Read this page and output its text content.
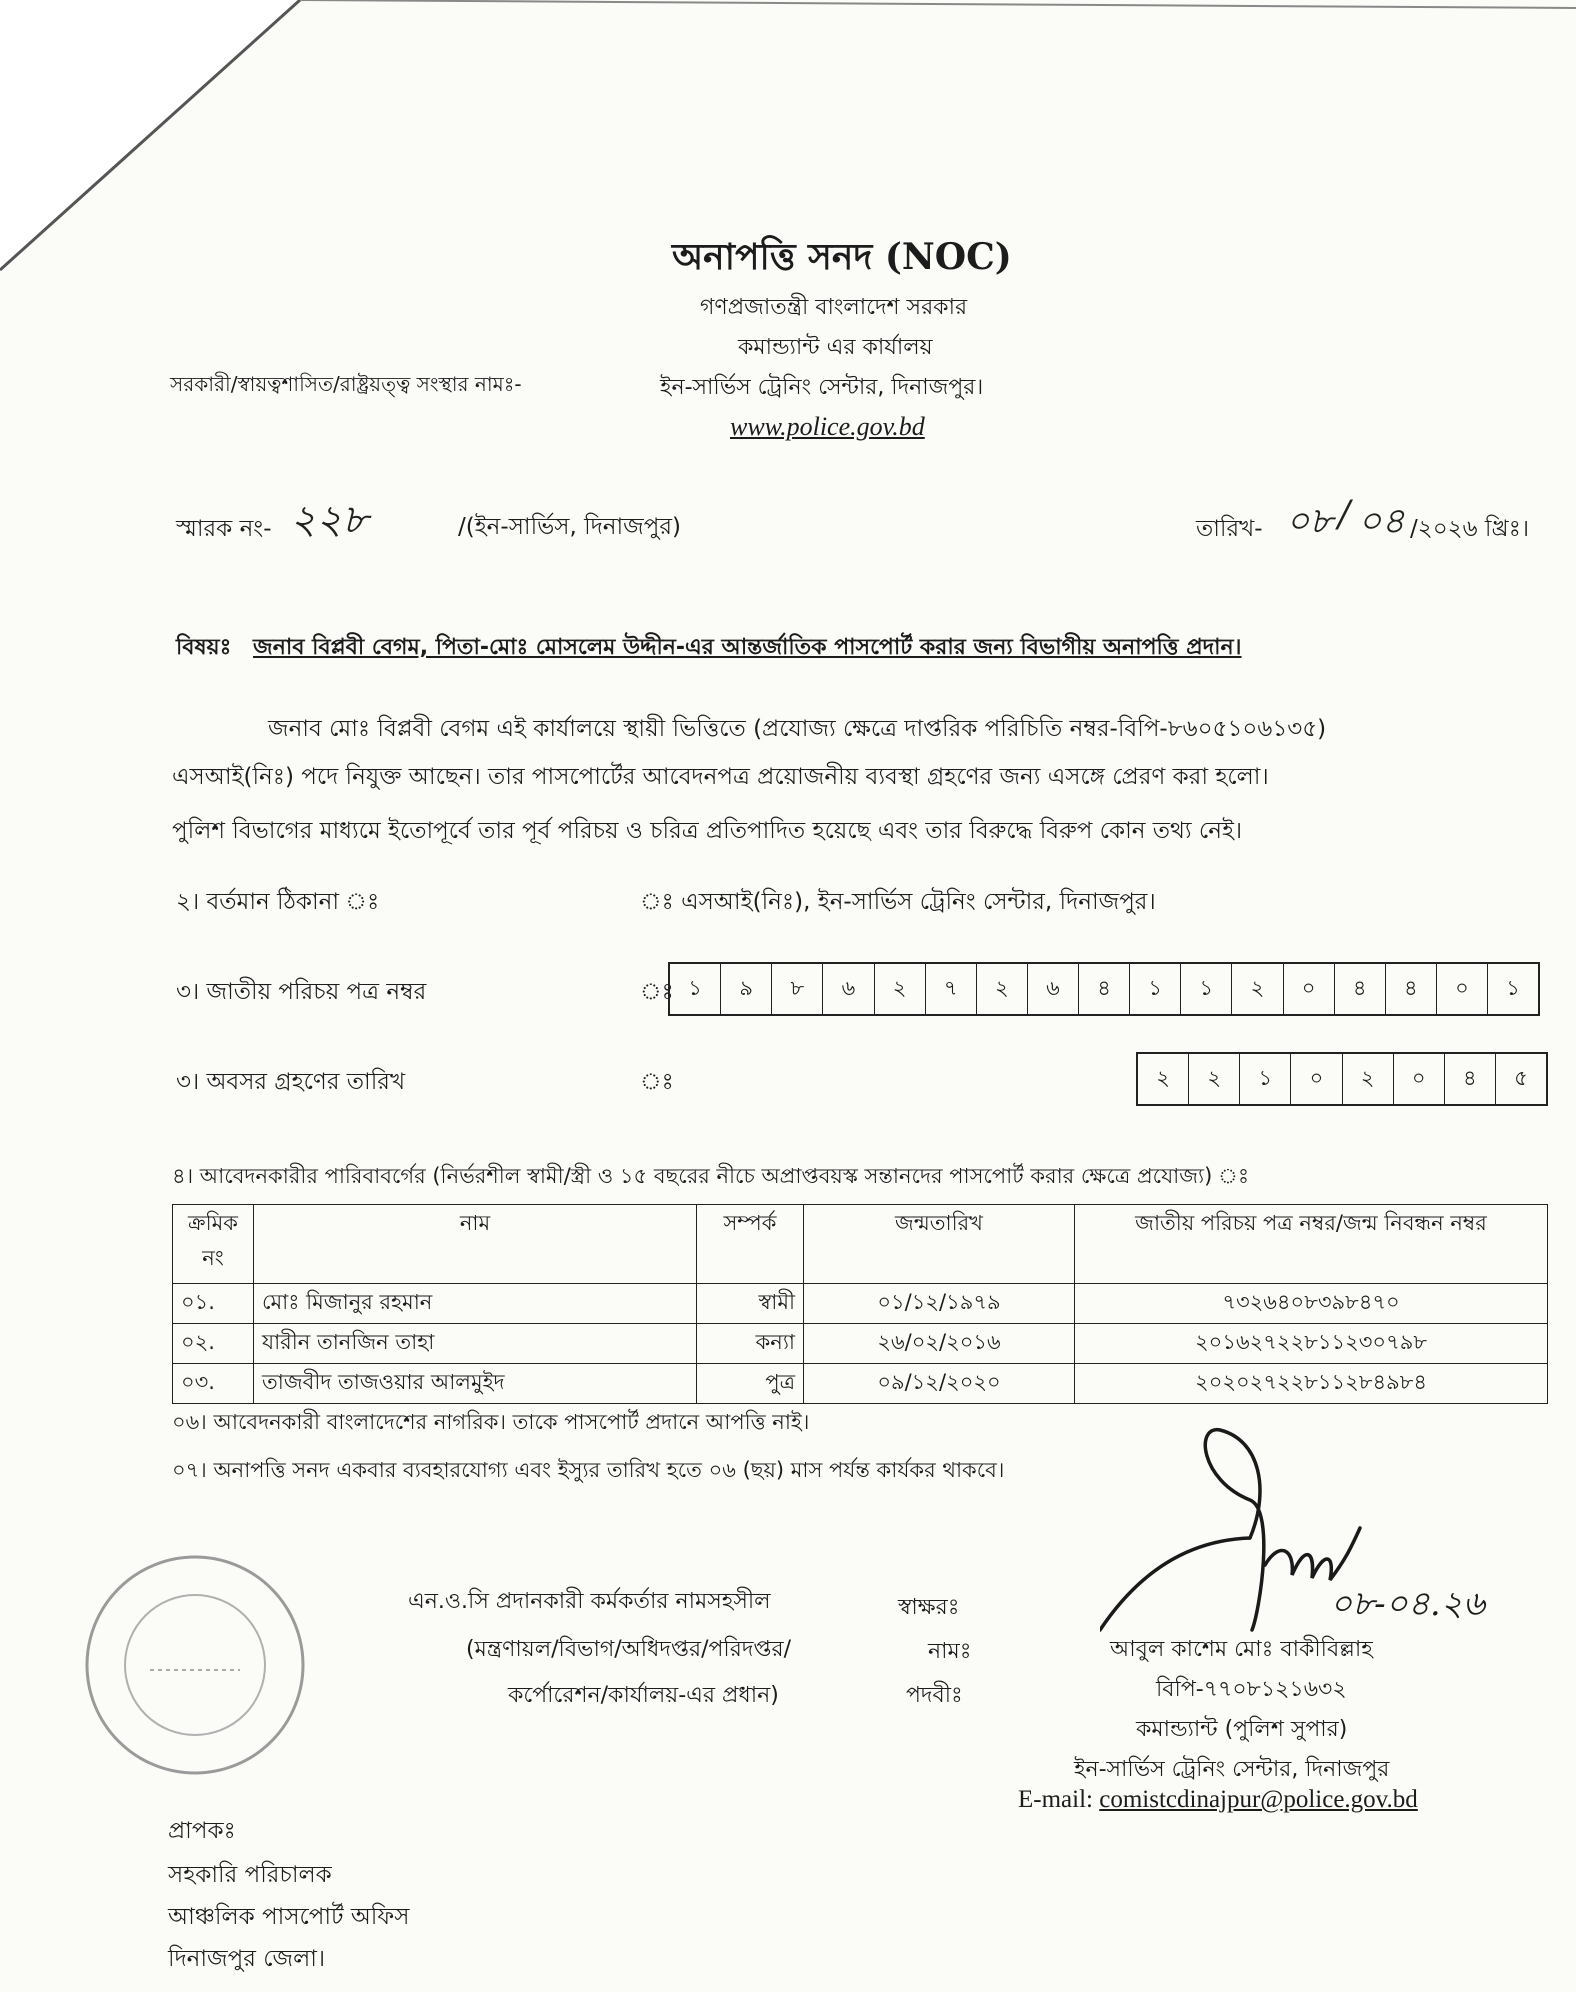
অনাপত্তি সনদ (NOC)
গণপ্রজাতন্ত্রী বাংলাদেশ সরকার
কমান্ড্যান্ট এর কার্যালয়
সরকারী/স্বায়ত্বশাসিত/রাষ্ট্রয়ত্ত্ব সংস্থার নামঃ-	ইন-সার্ভিস ট্রেনিং সেন্টার, দিনাজপুর।
www.police.gov.bd
স্মারক নং- ২২৮	/(ইন-সার্ভিস, দিনাজপুর)	তারিখ- ০৮ / ০৪ /২০২৬ খ্রিঃ।
বিষয়ঃ জনাব বিপ্লবী বেগম, পিতা-মোঃ মোসলেম উদ্দীন-এর আন্তর্জাতিক পাসপোর্ট করার জন্য বিভাগীয় অনাপত্তি প্রদান।
জনাব মোঃ বিপ্লবী বেগম এই কার্যালয়ে স্থায়ী ভিত্তিতে (প্রযোজ্য ক্ষেত্রে দাপ্তরিক পরিচিতি নম্বর-বিপি-৮৬০৫১০৬১৩৫)
এসআই(নিঃ) পদে নিযুক্ত আছেন। তার পাসপোর্টের আবেদনপত্র প্রয়োজনীয় ব্যবস্থা গ্রহণের জন্য এসঙ্গে প্রেরণ করা হলো।
পুলিশ বিভাগের মাধ্যমে ইতোপূর্বে তার পূর্ব পরিচয় ও চরিত্র প্রতিপাদিত হয়েছে এবং তার বিরুদ্ধে বিরুপ কোন তথ্য নেই।
২। বর্তমান ঠিকানা ঃ	ঃ এসআই(নিঃ), ইন-সার্ভিস ট্রেনিং সেন্টার, দিনাজপুর।
৩। জাতীয় পরিচয় পত্র নম্বর	ঃ ১	৯	৮	৬	২	৭	২	৬	৪	১	১	২	০	৪	৪	০	১
৩। অবসর গ্রহণের তারিখ	ঃ	২	২	১	০	২	০	৪	৫
৪। আবেদনকারীর পারিবাবর্গের (নির্ভরশীল স্বামী/স্ত্রী ও ১৫ বছরের নীচে অপ্রাপ্তবয়স্ক সন্তানদের পাসপোর্ট করার ক্ষেত্রে প্রযোজ্য) ঃ
ক্রমিক নং	নাম	সম্পর্ক	জন্মতারিখ	জাতীয় পরিচয় পত্র নম্বর/জন্ম নিবন্ধন নম্বর
০১.	মোঃ মিজানুর রহমান	স্বামী	০১/১২/১৯৭৯	৭৩২৬৪০৮৩৯৮৪৭০
০২.	যারীন তানজিন তাহা	কন্যা	২৬/০২/২০১৬	২০১৬২৭২২৮১১২৩০৭৯৮
০৩.	তাজবীদ তাজওয়ার আলমুইদ	পুত্র	০৯/১২/২০২০	২০২০২৭২২৮১১২৮৪৯৮৪
০৬। আবেদনকারী বাংলাদেশের নাগরিক। তাকে পাসপোর্ট প্রদানে আপত্তি নাই।
০৭। অনাপত্তি সনদ একবার ব্যবহারযোগ্য এবং ইস্যুর তারিখ হতে ০৬ (ছয়) মাস পর্যন্ত কার্যকর থাকবে।
০৮-০৪.২৬
এন.ও.সি প্রদানকারী কর্মকর্তার নামসহসীল
(মন্ত্রণায়ল/বিভাগ/অধিদপ্তর/পরিদপ্তর/
কর্পোরেশন/কার্যালয়-এর প্রধান)
স্বাক্ষরঃ
নামঃ
পদবীঃ
আবুল কাশেম মোঃ বাকীবিল্লাহ
বিপি-৭৭০৮১২১৬৩২
কমান্ড্যান্ট (পুলিশ সুপার)
ইন-সার্ভিস ট্রেনিং সেন্টার, দিনাজপুর
E-mail: comistcdinajpur@police.gov.bd
প্রাপকঃ
সহকারি পরিচালক
আঞ্চলিক পাসপোর্ট অফিস
দিনাজপুর জেলা।
